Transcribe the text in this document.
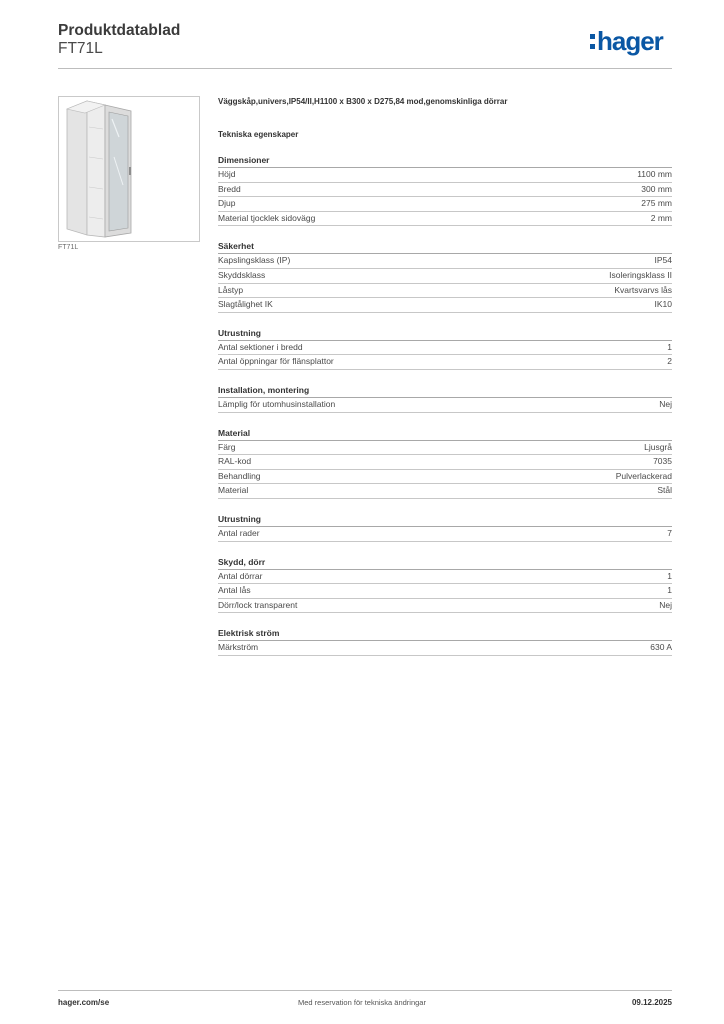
Produktdatablad
FT71L	hager
FT71L
Väggskåp,univers,IP54/II,H1100 x B300 x D275,84 mod,genomskinliga dörrar
Tekniska egenskaper
Dimensioner
Höjd	1100 mm
Bredd	300 mm
Djup	275 mm
Material tjocklek sidovägg	2 mm
Säkerhet
Kapslingsklass (IP)	IP54
Skyddsklass	Isoleringsklass II
Låstyp	Kvartsvarvs lås
Slagtålighet IK	IK10
Utrustning
Antal sektioner i bredd	1
Antal öppningar för flänsplattor	2
Installation, montering
Lämplig för utomhusinstallation	Nej
Material
Färg	Ljusgrå
RAL-kod	7035
Behandling	Pulverlackerad
Material	Stål
Utrustning
Antal rader	7
Skydd, dörr
Antal dörrar	1
Antal lås	1
Dörr/lock transparent	Nej
Elektrisk ström
Märkström	630 A
hager.com/se	Med reservation för tekniska ändringar	09.12.2025
